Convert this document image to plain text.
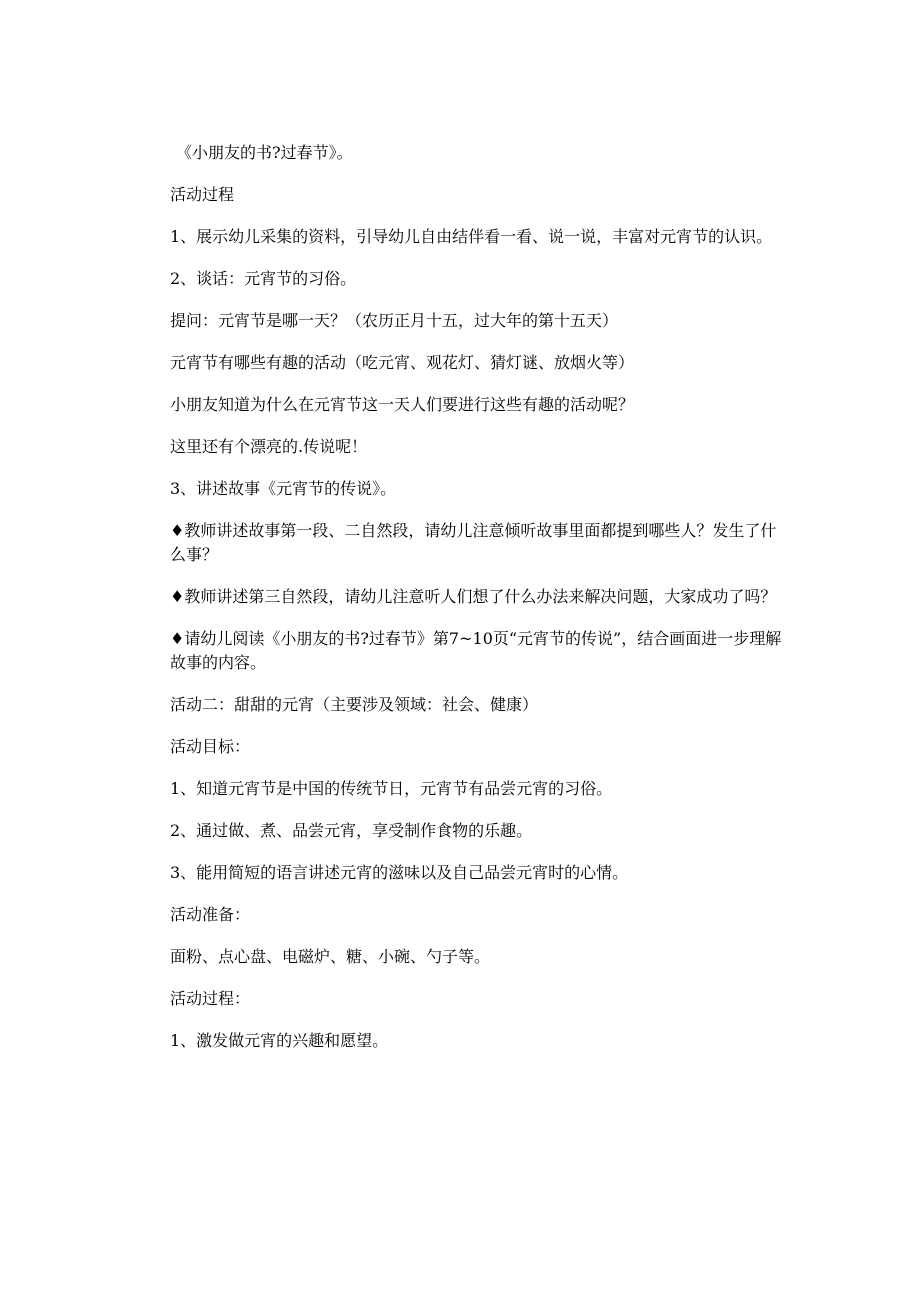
《小朋友的书?过春节》。

活动过程

1、展示幼儿采集的资料，引导幼儿自由结伴看一看、说一说，丰富对元宵节的认识。

2、谈话：元宵节的习俗。

提问：元宵节是哪一天？（农历正月十五，过大年的第十五天）

元宵节有哪些有趣的活动（吃元宵、观花灯、猜灯谜、放烟火等）

小朋友知道为什么在元宵节这一天人们要进行这些有趣的活动呢？

这里还有个漂亮的.传说呢！

3、讲述故事《元宵节的传说》。

♦教师讲述故事第一段、二自然段，请幼儿注意倾听故事里面都提到哪些人？发生了什么事？

♦教师讲述第三自然段，请幼儿注意听人们想了什么办法来解决问题，大家成功了吗？

♦请幼儿阅读《小朋友的书?过春节》第7~10页“元宵节的传说”，结合画面进一步理解故事的内容。

活动二：甜甜的元宵（主要涉及领域：社会、健康）

活动目标：

1、知道元宵节是中国的传统节日，元宵节有品尝元宵的习俗。

2、通过做、煮、品尝元宵，享受制作食物的乐趣。

3、能用简短的语言讲述元宵的滋味以及自己品尝元宵时的心情。

活动准备：

面粉、点心盘、电磁炉、糖、小碗、勺子等。

活动过程：

1、激发做元宵的兴趣和愿望。
